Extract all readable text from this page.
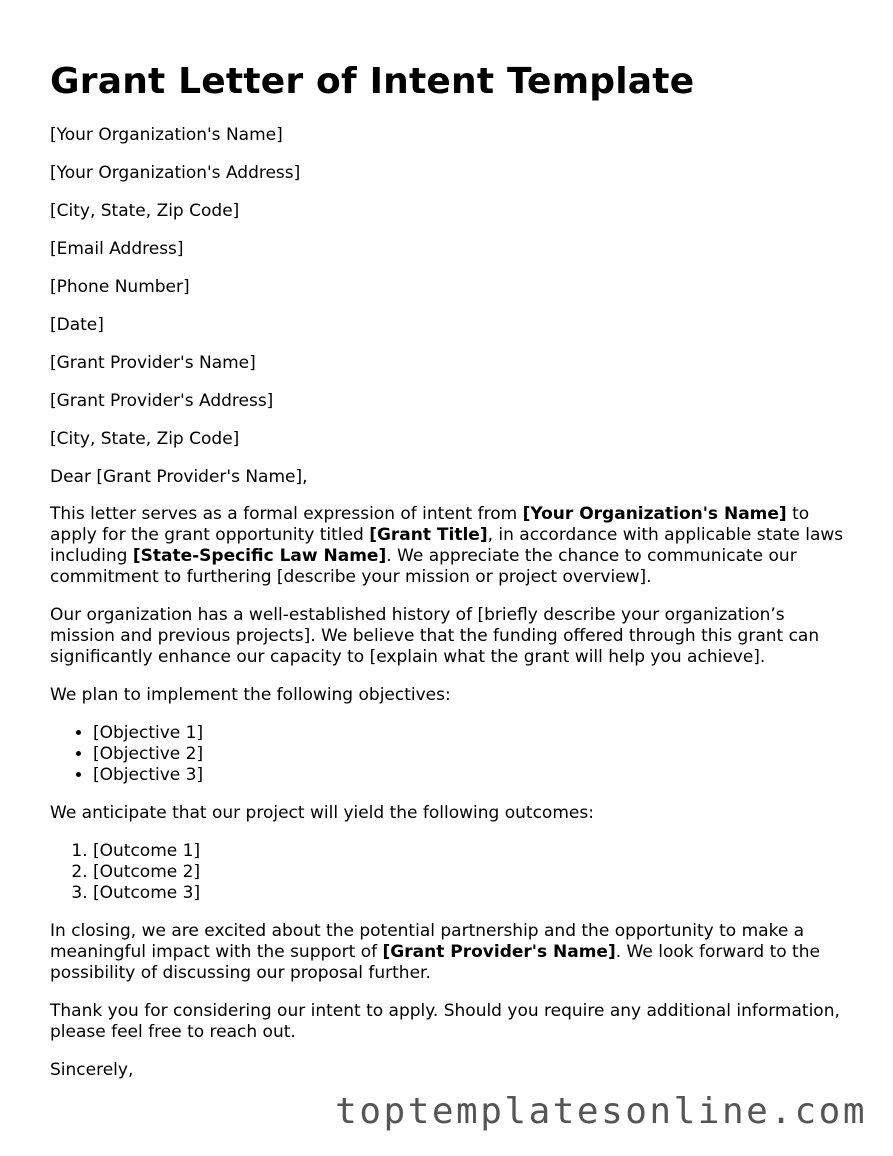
Grant Letter of Intent Template
[Your Organization's Name]
[Your Organization's Address]
[City, State, Zip Code]
[Email Address]
[Phone Number]
[Date]
[Grant Provider's Name]
[Grant Provider's Address]
[City, State, Zip Code]
Dear [Grant Provider's Name],

This letter serves as a formal expression of intent from [Your Organization's Name] to apply for the grant opportunity titled [Grant Title], in accordance with applicable state laws including [State-Specific Law Name]. We appreciate the chance to communicate our commitment to furthering [describe your mission or project overview].

Our organization has a well-established history of [briefly describe your organization’s mission and previous projects]. We believe that the funding offered through this grant can significantly enhance our capacity to [explain what the grant will help you achieve].

We plan to implement the following objectives:

• [Objective 1]
• [Objective 2]
• [Objective 3]

We anticipate that our project will yield the following outcomes:

1. [Outcome 1]
2. [Outcome 2]
3. [Outcome 3]

In closing, we are excited about the potential partnership and the opportunity to make a meaningful impact with the support of [Grant Provider's Name]. We look forward to the possibility of discussing our proposal further.

Thank you for considering our intent to apply. Should you require any additional information, please feel free to reach out.

Sincerely,

toptemplatesonline.com
